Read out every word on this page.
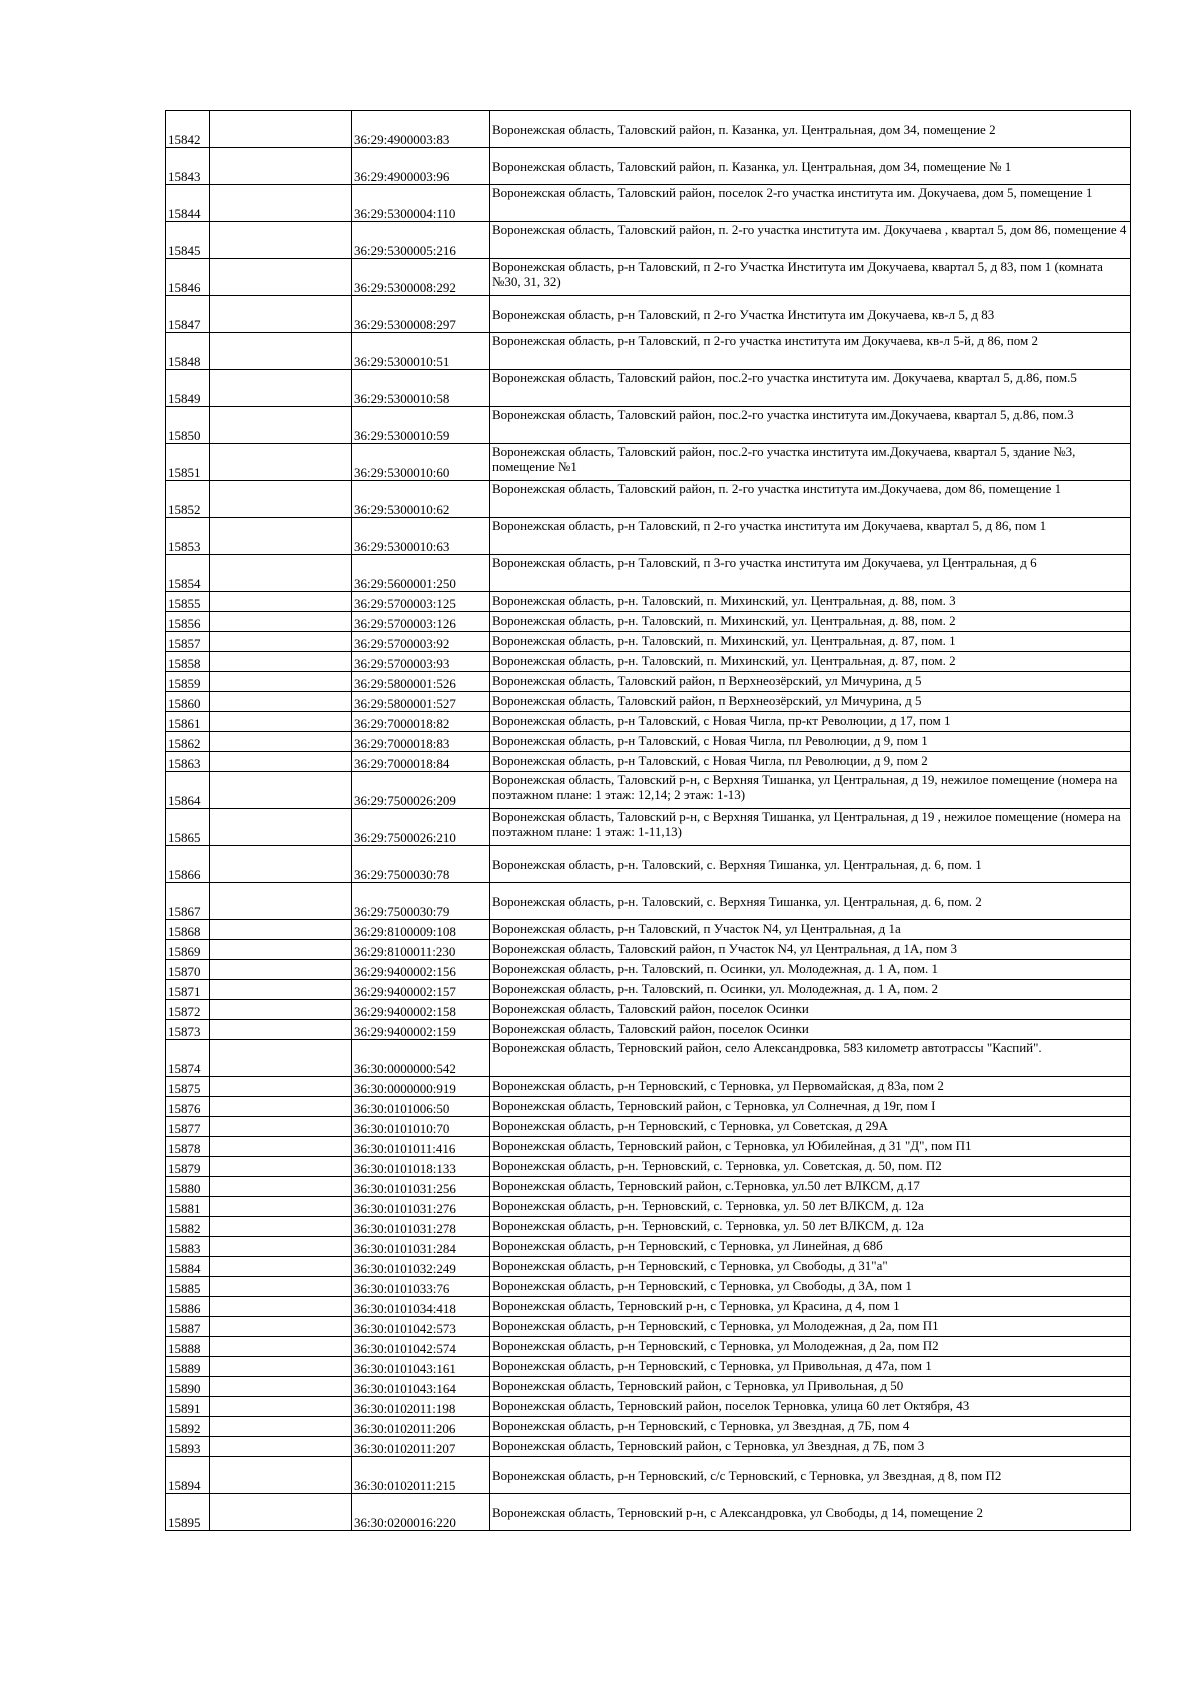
15842		36:29:4900003:83	Воронежская область, Таловский район, п. Казанка, ул. Центральная, дом 34, помещение 2
15843		36:29:4900003:96	Воронежская область, Таловский район, п. Казанка, ул. Центральная, дом 34, помещение № 1
15844		36:29:5300004:110	Воронежская область, Таловский район, поселок 2-го участка института им. Докучаева, дом 5, помещение 1
15845		36:29:5300005:216	Воронежская область, Таловский район, п. 2-го участка института им. Докучаева , квартал 5, дом 86, помещение 4
15846		36:29:5300008:292	Воронежская область, р-н Таловский, п 2-го Участка Института им Докучаева, квартал 5, д 83, пом 1 (комната №30, 31, 32)
15847		36:29:5300008:297	Воронежская область, р-н Таловский, п 2-го Участка Института им Докучаева, кв-л 5, д 83
15848		36:29:5300010:51	Воронежская область, р-н Таловский, п 2-го участка института им Докучаева, кв-л 5-й, д 86, пом 2
15849		36:29:5300010:58	Воронежская область, Таловский район, пос.2-го участка института им. Докучаева, квартал 5, д.86, пом.5
15850		36:29:5300010:59	Воронежская область, Таловский район, пос.2-го участка института им.Докучаева, квартал 5, д.86, пом.3
15851		36:29:5300010:60	Воронежская область, Таловский район, пос.2-го участка института им.Докучаева, квартал 5, здание №3, помещение №1
15852		36:29:5300010:62	Воронежская область, Таловский район, п. 2-го участка института им.Докучаева, дом 86, помещение 1
15853		36:29:5300010:63	Воронежская область, р-н Таловский, п 2-го участка института им Докучаева, квартал 5, д 86, пом 1
15854		36:29:5600001:250	Воронежская область, р-н Таловский, п 3-го участка института им Докучаева, ул Центральная, д 6
15855		36:29:5700003:125	Воронежская область, р-н. Таловский, п. Михинский, ул. Центральная, д. 88, пом. 3
15856		36:29:5700003:126	Воронежская область, р-н. Таловский, п. Михинский, ул. Центральная, д. 88, пом. 2
15857		36:29:5700003:92	Воронежская область, р-н. Таловский, п. Михинский, ул. Центральная, д. 87, пом. 1
15858		36:29:5700003:93	Воронежская область, р-н. Таловский, п. Михинский, ул. Центральная, д. 87, пом. 2
15859		36:29:5800001:526	Воронежская область, Таловский район, п Верхнеозёрский, ул Мичурина, д 5
15860		36:29:5800001:527	Воронежская область, Таловский район, п Верхнеозёрский, ул Мичурина, д 5
15861		36:29:7000018:82	Воронежская область, р-н Таловский, с Новая Чигла, пр-кт Революции, д 17, пом 1
15862		36:29:7000018:83	Воронежская область, р-н Таловский, с Новая Чигла, пл Революции, д 9, пом 1
15863		36:29:7000018:84	Воронежская область, р-н Таловский, с Новая Чигла, пл Революции, д 9, пом 2
15864		36:29:7500026:209	Воронежская область, Таловский р-н, с Верхняя Тишанка, ул Центральная, д 19, нежилое помещение (номера на поэтажном плане: 1 этаж: 12,14; 2 этаж: 1-13)
15865		36:29:7500026:210	Воронежская область, Таловский р-н, с Верхняя Тишанка, ул Центральная, д 19 , нежилое помещение (номера на поэтажном плане: 1 этаж: 1-11,13)
15866		36:29:7500030:78	Воронежская область, р-н. Таловский, с. Верхняя Тишанка, ул. Центральная, д. 6, пом. 1
15867		36:29:7500030:79	Воронежская область, р-н. Таловский, с. Верхняя Тишанка, ул. Центральная, д. 6, пом. 2
15868		36:29:8100009:108	Воронежская область, р-н Таловский, п Участок N4, ул Центральная, д 1а
15869		36:29:8100011:230	Воронежская область, Таловский район, п Участок N4, ул Центральная, д 1А, пом 3
15870		36:29:9400002:156	Воронежская область, р-н. Таловский, п. Осинки, ул. Молодежная, д. 1 А, пом. 1
15871		36:29:9400002:157	Воронежская область, р-н. Таловский, п. Осинки, ул. Молодежная, д. 1 А, пом. 2
15872		36:29:9400002:158	Воронежская область, Таловский район, поселок Осинки
15873		36:29:9400002:159	Воронежская область, Таловский район, поселок Осинки
15874		36:30:0000000:542	Воронежская область, Терновский район, село Александровка, 583 километр автотрассы "Каспий".
15875		36:30:0000000:919	Воронежская область, р-н Терновский, с Терновка, ул Первомайская, д 83а, пом 2
15876		36:30:0101006:50	Воронежская область, Терновский район, с Терновка, ул Солнечная, д 19г, пом I
15877		36:30:0101010:70	Воронежская область, р-н Терновский, с Терновка, ул Советская, д 29А
15878		36:30:0101011:416	Воронежская область, Терновский район, с Терновка, ул Юбилейная, д 31 "Д", пом П1
15879		36:30:0101018:133	Воронежская область, р-н. Терновский, с. Терновка, ул. Советская, д. 50, пом. П2
15880		36:30:0101031:256	Воронежская область, Терновский район, с.Терновка, ул.50 лет ВЛКСМ, д.17
15881		36:30:0101031:276	Воронежская область, р-н. Терновский, с. Терновка, ул. 50 лет ВЛКСМ, д. 12а
15882		36:30:0101031:278	Воронежская область, р-н. Терновский, с. Терновка, ул. 50 лет ВЛКСМ, д. 12а
15883		36:30:0101031:284	Воронежская область, р-н Терновский, с Терновка, ул Линейная, д 68б
15884		36:30:0101032:249	Воронежская область, р-н Терновский, с Терновка, ул Свободы, д 31"а"
15885		36:30:0101033:76	Воронежская область, р-н Терновский, с Терновка, ул Свободы, д 3А, пом 1
15886		36:30:0101034:418	Воронежская область, Терновский р-н, с Терновка, ул Красина, д 4, пом 1
15887		36:30:0101042:573	Воронежская область, р-н Терновский, с Терновка, ул Молодежная, д 2а, пом П1
15888		36:30:0101042:574	Воронежская область, р-н Терновский, с Терновка, ул Молодежная, д 2а, пом П2
15889		36:30:0101043:161	Воронежская область, р-н Терновский, с Терновка, ул Привольная, д 47а, пом 1
15890		36:30:0101043:164	Воронежская область, Терновский район, с Терновка, ул Привольная, д 50
15891		36:30:0102011:198	Воронежская область, Терновский район, поселок Терновка, улица 60 лет Октября, 43
15892		36:30:0102011:206	Воронежская область, р-н Терновский, с Терновка, ул Звездная, д 7Б, пом 4
15893		36:30:0102011:207	Воронежская область, Терновский район, с Терновка, ул Звездная, д 7Б, пом 3
15894		36:30:0102011:215	Воронежская область, р-н Терновский, с/с Терновский, с Терновка, ул Звездная, д 8, пом П2
15895		36:30:0200016:220	Воронежская область, Терновский р-н, с Александровка, ул Свободы, д 14, помещение 2
